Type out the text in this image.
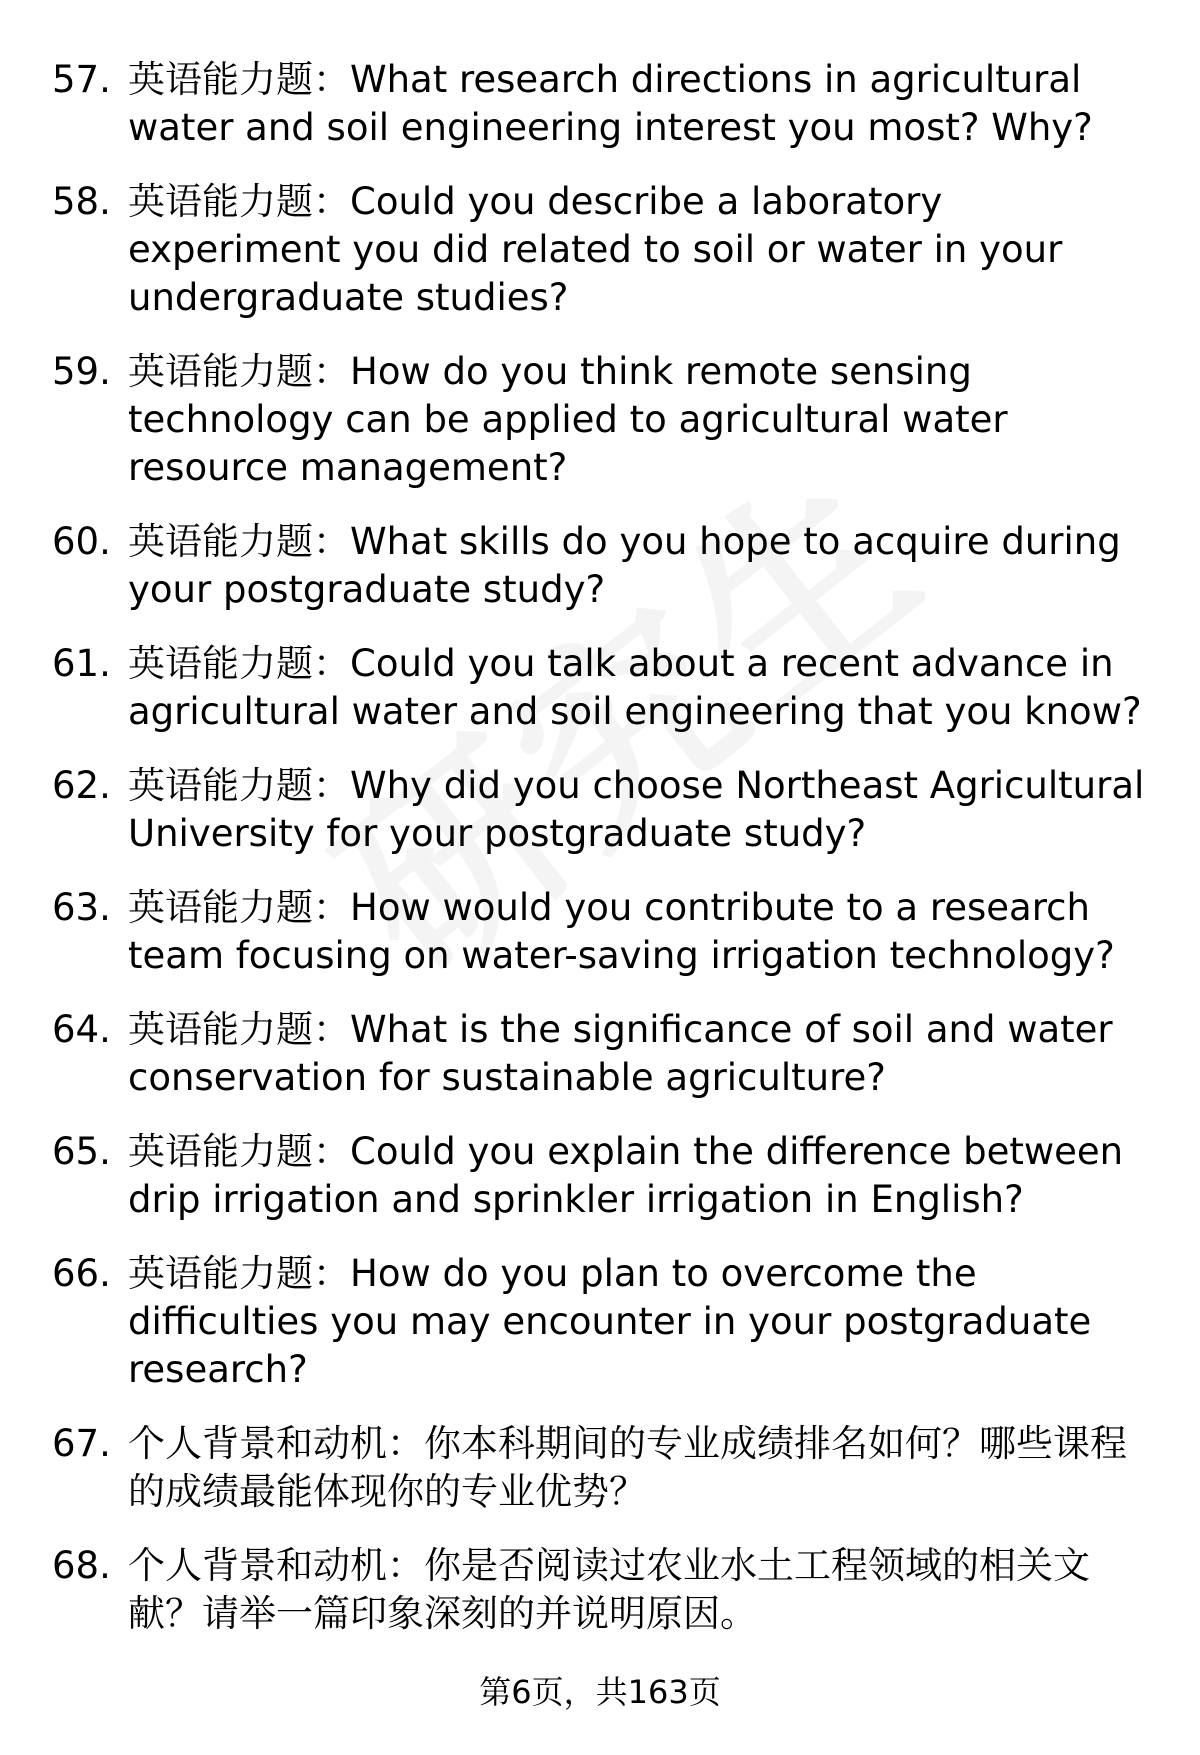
57. 英语能力题：What research directions in agricultural water and soil engineering interest you most? Why?

58. 英语能力题：Could you describe a laboratory experiment you did related to soil or water in your undergraduate studies?

59. 英语能力题：How do you think remote sensing technology can be applied to agricultural water resource management?

60. 英语能力题：What skills do you hope to acquire during your postgraduate study?

61. 英语能力题：Could you talk about a recent advance in agricultural water and soil engineering that you know?

62. 英语能力题：Why did you choose Northeast Agricultural University for your postgraduate study?

63. 英语能力题：How would you contribute to a research team focusing on water-saving irrigation technology?

64. 英语能力题：What is the significance of soil and water conservation for sustainable agriculture?

65. 英语能力题：Could you explain the difference between drip irrigation and sprinkler irrigation in English?

66. 英语能力题：How do you plan to overcome the difficulties you may encounter in your postgraduate research?

67. 个人背景和动机：你本科期间的专业成绩排名如何？哪些课程的成绩最能体现你的专业优势？

68. 个人背景和动机：你是否阅读过农业水土工程领域的相关文献？请举一篇印象深刻的并说明原因。

第6页，共163页
